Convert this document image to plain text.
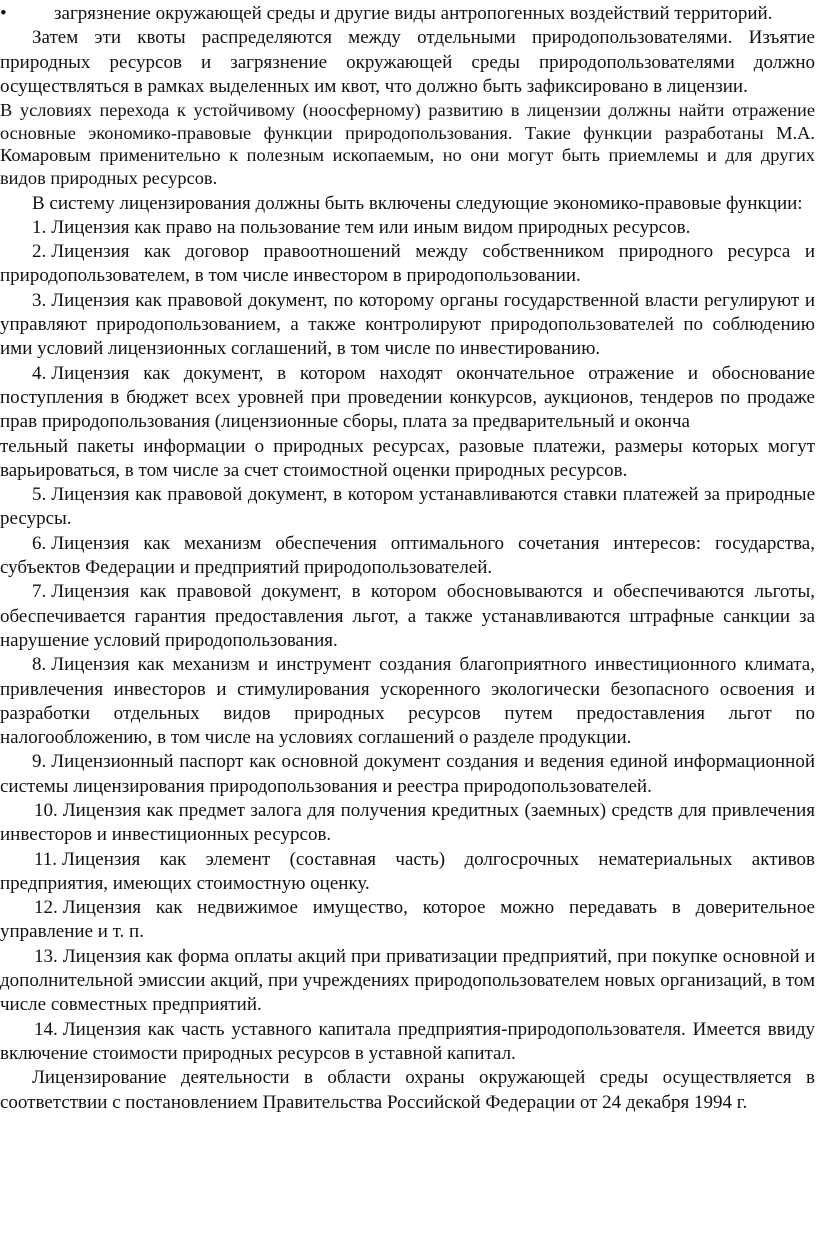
• загрязнение окружающей среды и другие виды антропогенных воздействий территорий.

Затем эти квоты распределяются между отдельными природопользователями. Изъятие природных ресурсов и загрязнение окружающей среды природопользователями должно осуществляться в рамках выделенных им квот, что должно быть зафиксировано в лицензии.

В условиях перехода к устойчивому (ноосферному) развитию в лицензии должны найти отражение основные экономико-правовые функции природопользования. Такие функции разработаны М.А. Комаровым применительно к полезным ископаемым, но они могут быть приемлемы и для других видов природных ресурсов.

В систему лицензирования должны быть включены следующие экономико-правовые функции:

1. Лицензия как право на пользование тем или иным видом природных ресурсов.

2. Лицензия как договор правоотношений между собственником природного ресурса и природопользователем, в том числе инвестором в природопользовании.

3. Лицензия как правовой документ, по которому органы государственной власти регулируют и управляют природопользованием, а также контролируют природопользователей по соблюдению ими условий лицензионных соглашений, в том числе по инвестированию.

4. Лицензия как документ, в котором находят окончательное отражение и обоснование поступления в бюджет всех уровней при проведении конкурсов, аукционов, тендеров по продаже прав природопользования (лицензионные сборы, плата за предварительный и оконча

тельный пакеты информации о природных ресурсах, разовые платежи, размеры которых могут варьироваться, в том числе за счет стоимостной оценки природных ресурсов.

5. Лицензия как правовой документ, в котором устанавливаются ставки платежей за природные ресурсы.

6. Лицензия как механизм обеспечения оптимального сочетания интересов: государства, субъектов Федерации и предприятий природопользователей.

7. Лицензия как правовой документ, в котором обосновываются и обеспечиваются льготы, обеспечивается гарантия предоставления льгот, а также устанавливаются штрафные санкции за нарушение условий природопользования.

8. Лицензия как механизм и инструмент создания благоприятного инвестиционного климата, привлечения инвесторов и стимулирования ускоренного экологически безопасного освоения и разработки отдельных видов природных ресурсов путем предоставления льгот по налогообложению, в том числе на условиях соглашений о разделе продукции.

9. Лицензионный паспорт как основной документ создания и ведения единой информационной системы лицензирования природопользования и реестра природопользователей.

10. Лицензия как предмет залога для получения кредитных (заемных) средств для привлечения инвесторов и инвестиционных ресурсов.

11. Лицензия как элемент (составная часть) долгосрочных нематериальных активов предприятия, имеющих стоимостную оценку.

12. Лицензия как недвижимое имущество, которое можно передавать в доверительное управление и т. п.

13. Лицензия как форма оплаты акций при приватизации предприятий, при покупке основной и дополнительной эмиссии акций, при учреждениях природопользователем новых организаций, в том числе совместных предприятий.

14. Лицензия как часть уставного капитала предприятия-природопользователя. Имеется ввиду включение стоимости природных ресурсов в уставной капитал.

Лицензирование деятельности в области охраны окружающей среды осуществляется в соответствии с постановлением Правительства Российской Федерации от 24 декабря 1994 г.
